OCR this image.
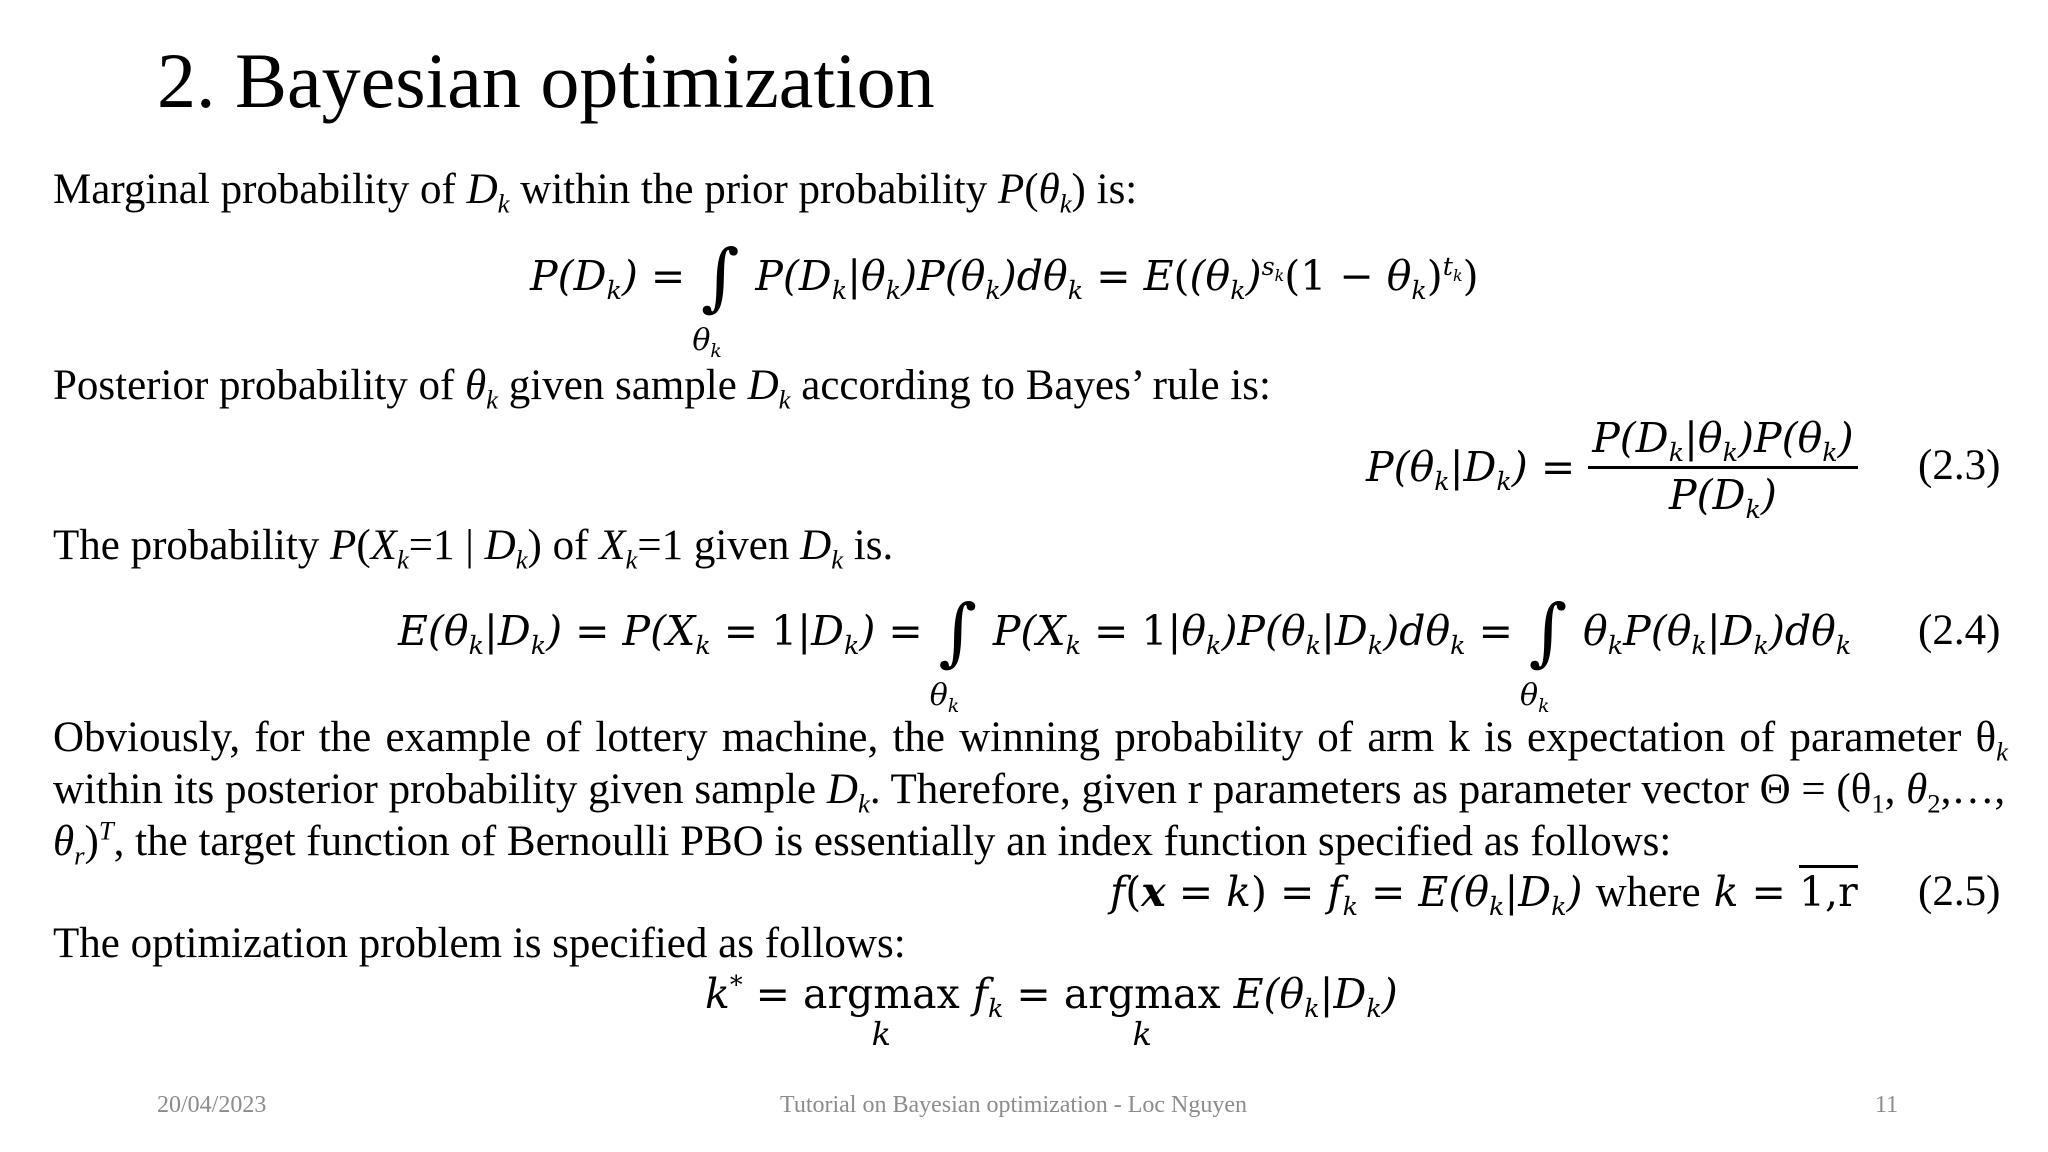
2. Bayesian optimization
Marginal probability of $D_k$ within the prior probability $P(\theta_k)$ is:
$P(D_k)$ = ∫
$\theta_k$
$P(D_k|\theta_k)P(\theta_k)d\theta_k = E((\theta_k)^{s_k}(1 - \theta_k)^{t_k})$
Posterior probability of $\theta_k$ given sample $D_k$ according to Bayes’ rule is:
$P(\theta_k|D_k) = \frac{P(D_k|\theta_k)P(\theta_k)}{P(D_k)} (2.3)$
The probability $P(X_k=1$ | $D_k$) of $X_k=1$ given $D_k$ is.
$E(\theta_k|D_k) = P(X_k = 1|D_k)$ = ∫
$\theta_k$
$P(X_k = 1|\theta_k)P(\theta_k|D_k)d\theta_k$ = ∫
$\theta_k$
$\theta_kP(\theta_k|D_k)d\theta_k$ (2.4)
Obviously, for the example of lottery machine, the winning probability of arm k is expectation of parameter $\theta_k$
within its posterior probability given sample $D_k$. Therefore, given r parameters as parameter vector $\Theta = (\theta_1$, $\theta_2,\dots$,
$\theta_r)^T$, the target function of Bernoulli PBO is essentially an index function specified as follows:
$f(x = k) = f_k = E(\theta_k|D_k)$ where k = 1,r (2.5)
The optimization problem is specified as follows:
k* = argmax
k
$f_k = argmax$
k
$E(\theta_k|D_k)$
20/04/2023	Tutorial on Bayesian optimization - Loc Nguyen	11
